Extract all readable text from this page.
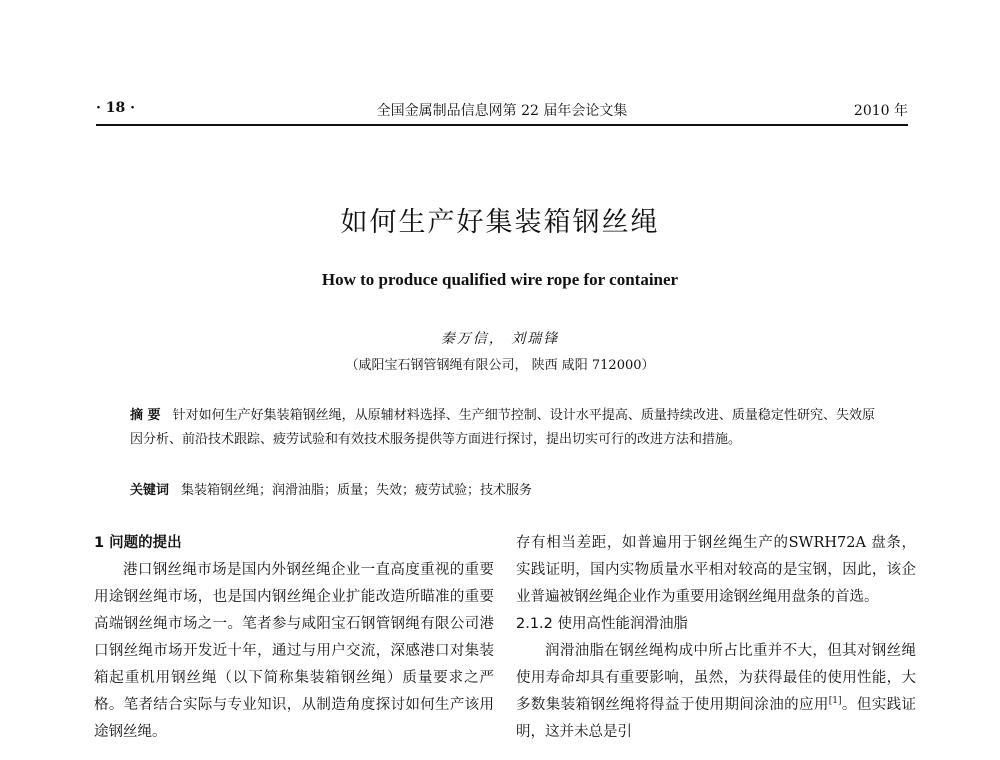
· 18 ·	全国金属制品信息网第 22 届年会论文集	2010 年
如何生产好集装箱钢丝绳
How to produce qualified wire rope for container
秦万信， 刘瑞锋
（咸阳宝石钢管钢绳有限公司， 陕西 咸阳 712000）
摘 要 针对如何生产好集装箱钢丝绳，从原辅材料选择、生产细节控制、设计水平提高、质量持续改进、质量稳定性研究、失效原因分析、前沿技术跟踪、疲劳试验和有效技术服务提供等方面进行探讨，提出切实可行的改进方法和措施。
关键词 集装箱钢丝绳；润滑油脂；质量；失效；疲劳试验；技术服务

1 问题的提出

港口钢丝绳市场是国内外钢丝绳企业一直高度重视的重要用途钢丝绳市场，也是国内钢丝绳企业扩能改造所瞄准的重要高端钢丝绳市场之一。笔者参与咸阳宝石钢管钢绳有限公司港口钢丝绳市场开发近十年，通过与用户交流，深感港口对集装箱起重机用钢丝绳（以下简称集装箱钢丝绳）质量要求之严格。笔者结合实际与专业知识，从制造角度探讨如何生产该用途钢丝绳。

存有相当差距，如普遍用于钢丝绳生产的SWRH72A 盘条，实践证明，国内实物质量水平相对较高的是宝钢，因此，该企业普遍被钢丝绳企业作为重要用途钢丝绳用盘条的首选。

2.1.2 使用高性能润滑油脂

润滑油脂在钢丝绳构成中所占比重并不大，但其对钢丝绳使用寿命却具有重要影响，虽然，为获得最佳的使用性能，大多数集装箱钢丝绳将得益于使用期间涂油的应用[1]。但实践证明，这并未总是引
